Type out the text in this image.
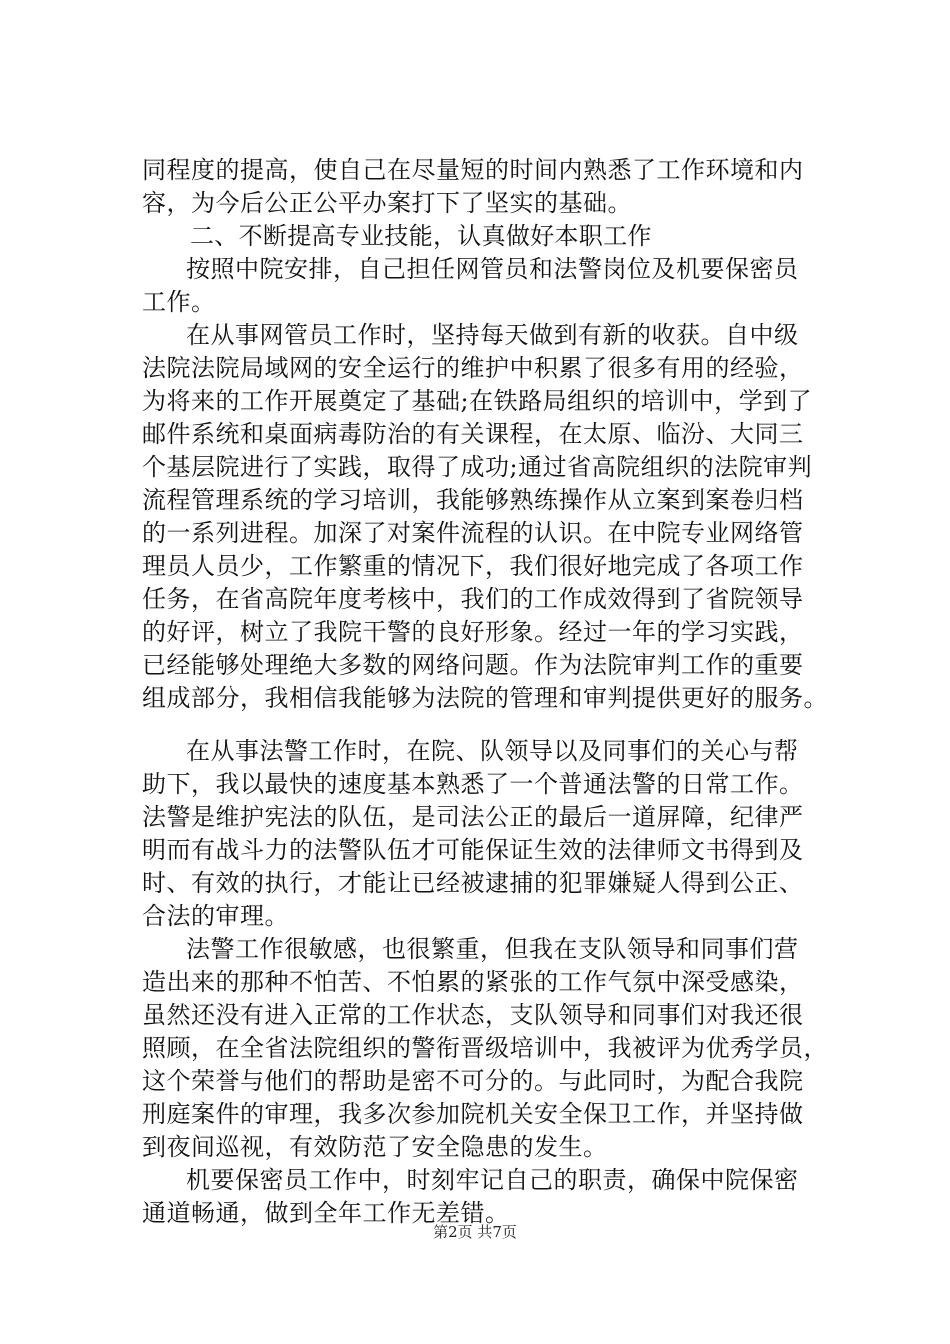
同程度的提高，使自己在尽量短的时间内熟悉了工作环境和内
容，为今后公正公平办案打下了坚实的基础。
二、不断提高专业技能，认真做好本职工作
按照中院安排，自己担任网管员和法警岗位及机要保密员
工作。
在从事网管员工作时，坚持每天做到有新的收获。自中级
法院法院局域网的安全运行的维护中积累了很多有用的经验，
为将来的工作开展奠定了基础;在铁路局组织的培训中，学到了
邮件系统和桌面病毒防治的有关课程，在太原、临汾、大同三
个基层院进行了实践，取得了成功;通过省高院组织的法院审判
流程管理系统的学习培训，我能够熟练操作从立案到案卷归档
的一系列进程。加深了对案件流程的认识。在中院专业网络管
理员人员少，工作繁重的情况下，我们很好地完成了各项工作
任务，在省高院年度考核中，我们的工作成效得到了省院领导
的好评，树立了我院干警的良好形象。经过一年的学习实践，
已经能够处理绝大多数的网络问题。作为法院审判工作的重要
组成部分，我相信我能够为法院的管理和审判提供更好的服务。
在从事法警工作时，在院、队领导以及同事们的关心与帮
助下，我以最快的速度基本熟悉了一个普通法警的日常工作。
法警是维护宪法的队伍，是司法公正的最后一道屏障，纪律严
明而有战斗力的法警队伍才可能保证生效的法律师文书得到及
时、有效的执行，才能让已经被逮捕的犯罪嫌疑人得到公正、
合法的审理。
法警工作很敏感，也很繁重，但我在支队领导和同事们营
造出来的那种不怕苦、不怕累的紧张的工作气氛中深受感染，
虽然还没有进入正常的工作状态，支队领导和同事们对我还很
照顾，在全省法院组织的警衔晋级培训中，我被评为优秀学员，
这个荣誉与他们的帮助是密不可分的。与此同时，为配合我院
刑庭案件的审理，我多次参加院机关安全保卫工作，并坚持做
到夜间巡视，有效防范了安全隐患的发生。
机要保密员工作中，时刻牢记自己的职责，确保中院保密
通道畅通，做到全年工作无差错。
第2页 共7页
